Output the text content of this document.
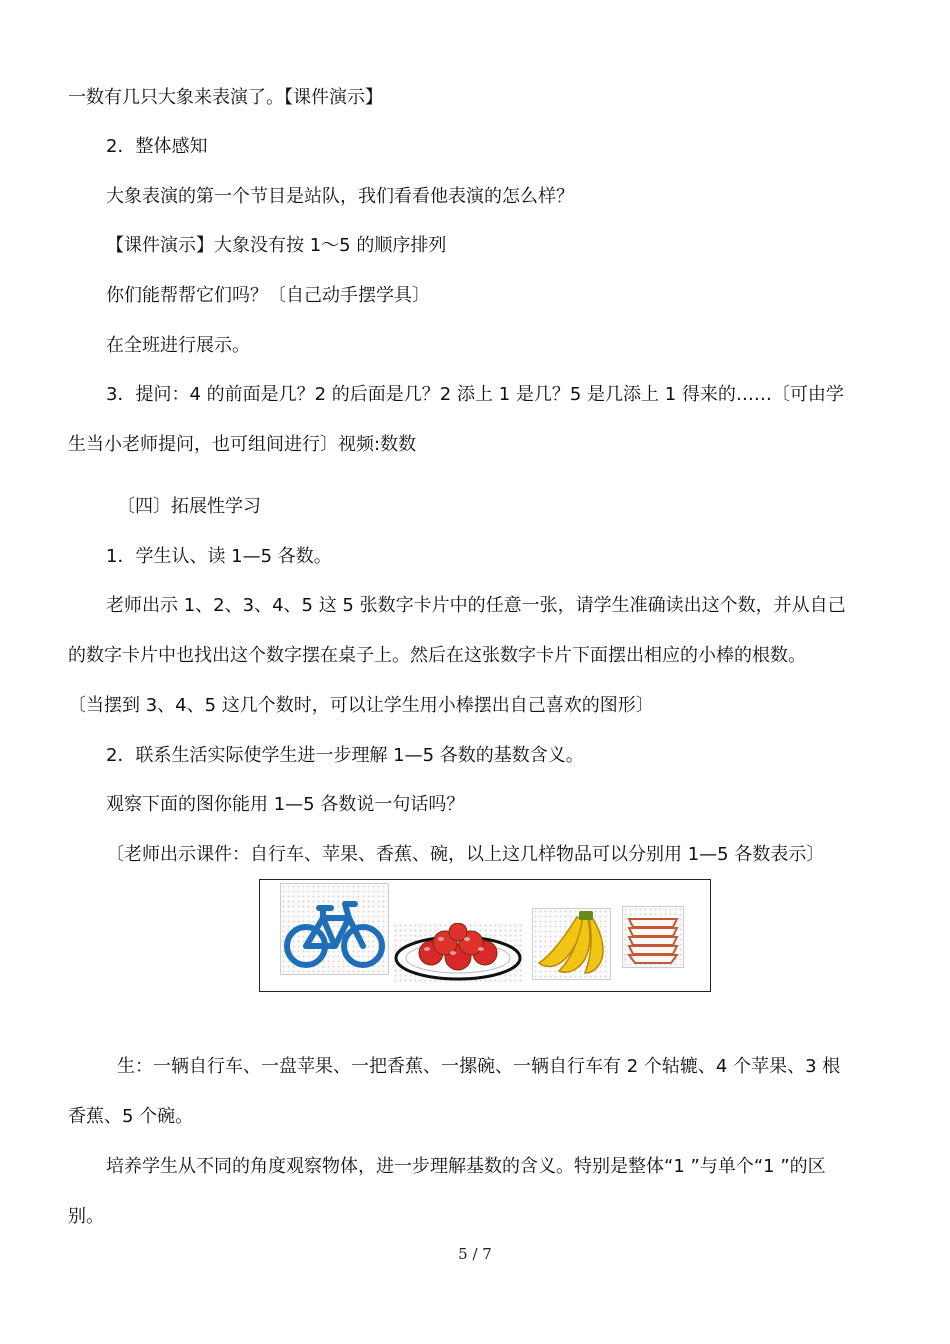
一数有几只大象来表演了。【课件演示】
2．整体感知
大象表演的第一个节目是站队，我们看看他表演的怎么样？
【课件演示】大象没有按 1～5 的顺序排列
你们能帮帮它们吗？〔自己动手摆学具〕
在全班进行展示。
3．提问：4 的前面是几？2 的后面是几？2 添上 1 是几？5 是几添上 1 得来的……〔可由学
生当小老师提问，也可组间进行〕视频:数数
〔四〕拓展性学习
1．学生认、读 1—5 各数。
老师出示 1、2、3、4、5 这 5 张数字卡片中的任意一张，请学生准确读出这个数，并从自己
的数字卡片中也找出这个数字摆在桌子上。然后在这张数字卡片下面摆出相应的小棒的根数。
〔当摆到 3、4、5 这几个数时，可以让学生用小棒摆出自己喜欢的图形〕
2．联系生活实际使学生进一步理解 1—5 各数的基数含义。
观察下面的图你能用 1—5 各数说一句话吗？
〔老师出示课件：自行车、苹果、香蕉、碗，以上这几样物品可以分别用 1—5 各数表示〕
生：一辆自行车、一盘苹果、一把香蕉、一摞碗、一辆自行车有 2 个轱辘、4 个苹果、3 根
香蕉、5 个碗。
培养学生从不同的角度观察物体，进一步理解基数的含义。特别是整体“1 ”与单个“1 ”的区
别。
5 / 7
